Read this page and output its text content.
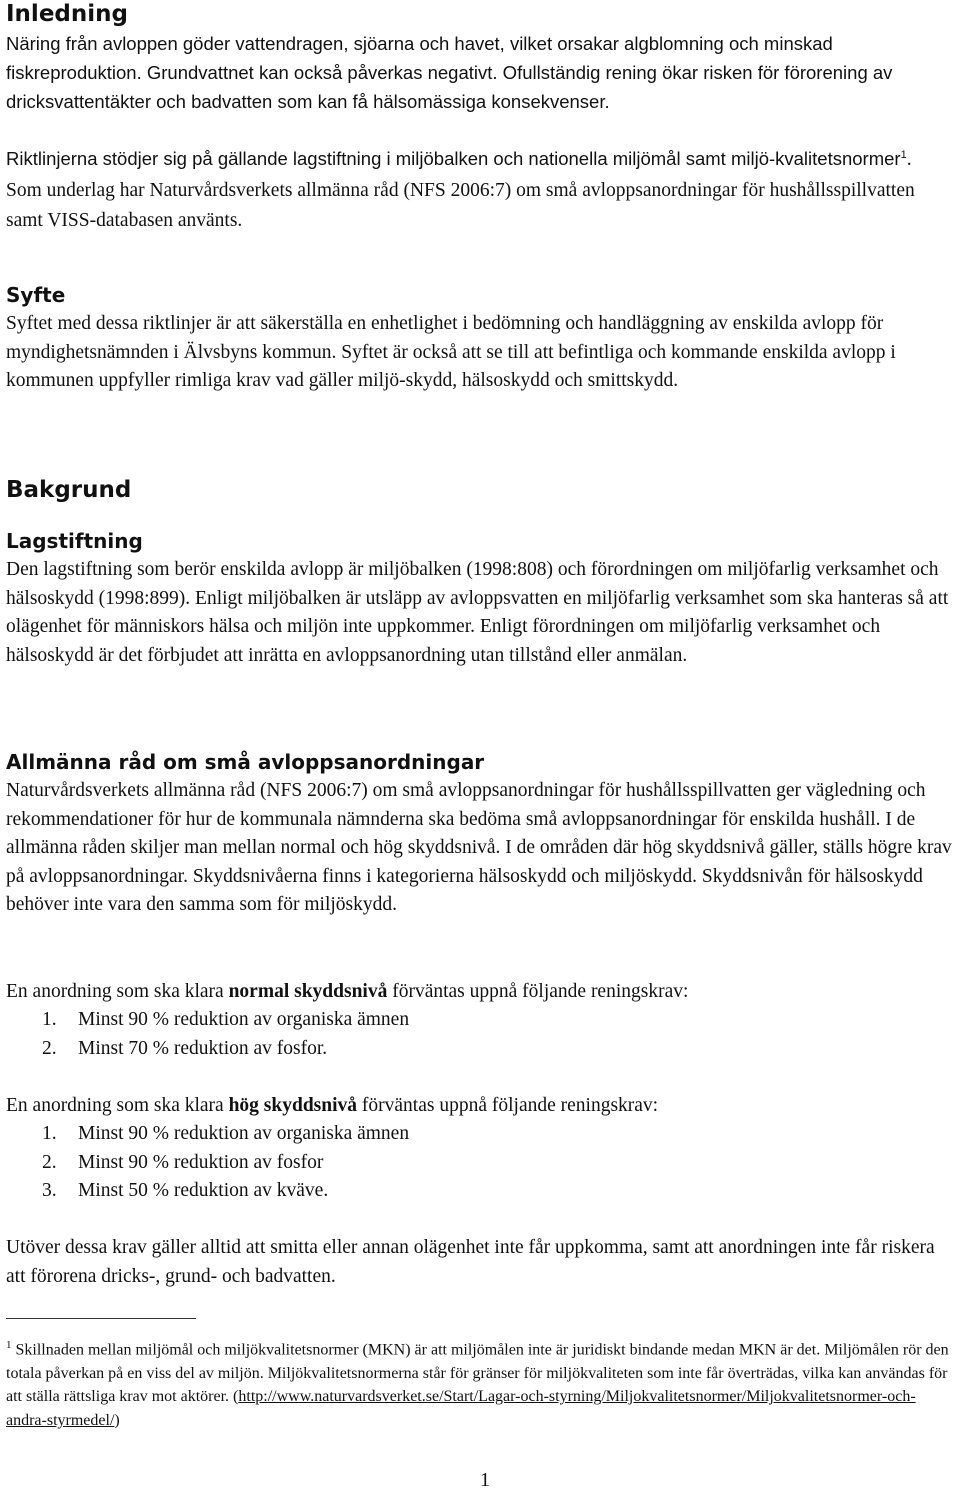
Inledning

Näring från avloppen göder vattendragen, sjöarna och havet, vilket orsakar algblomning och minskad fiskreproduktion. Grundvattnet kan också påverkas negativt. Ofullständig rening ökar risken för förorening av dricksvattentäkter och badvatten som kan få hälsomässiga konsekvenser.

Riktlinjerna stödjer sig på gällande lagstiftning i miljöbalken och nationella miljömål samt miljö-kvalitetsnormer$^1$. Som underlag har Naturvårdsverkets allmänna råd (NFS 2006:7) om små avloppsanordningar för hushållsspillvatten samt VISS-databasen använts.

Syfte

Syftet med dessa riktlinjer är att säkerställa en enhetlighet i bedömning och handläggning av enskilda avlopp för myndighetsnämnden i Älvsbyns kommun. Syftet är också att se till att befintliga och kommande enskilda avlopp i kommunen uppfyller rimliga krav vad gäller miljö-skydd, hälsoskydd och smittskydd.

Bakgrund
Lagstiftning

Den lagstiftning som berör enskilda avlopp är miljöbalken (1998:808) och förordningen om miljöfarlig verksamhet och hälsoskydd (1998:899). Enligt miljöbalken är utsläpp av avloppsvatten en miljöfarlig verksamhet som ska hanteras så att olägenhet för människors hälsa och miljön inte uppkommer. Enligt förordningen om miljöfarlig verksamhet och hälsoskydd är det förbjudet att inrätta en avloppsanordning utan tillstånd eller anmälan.

Allmänna råd om små avloppsanordningar

Naturvårdsverkets allmänna råd (NFS 2006:7) om små avloppsanordningar för hushållsspillvatten ger vägledning och rekommendationer för hur de kommunala nämnderna ska bedöma små avloppsanordningar för enskilda hushåll. I de allmänna råden skiljer man mellan normal och hög skyddsnivå. I de områden där hög skyddsnivå gäller, ställs högre krav på avloppsanordningar. Skyddsnivåerna finns i kategorierna hälsoskydd och miljöskydd. Skyddsnivån för hälsoskydd behöver inte vara den samma som för miljöskydd.

En anordning som ska klara normal skyddsnivå förväntas uppnå följande reningskrav:

1.	Minst 90 % reduktion av organiska ämnen
2.	Minst 70 % reduktion av fosfor.

En anordning som ska klara hög skyddsnivå förväntas uppnå följande reningskrav:

1.	Minst 90 % reduktion av organiska ämnen
2.	Minst 90 % reduktion av fosfor
3.	Minst 50 % reduktion av kväve.

Utöver dessa krav gäller alltid att smitta eller annan olägenhet inte får uppkomma, samt att anordningen inte får riskera att förorena dricks-, grund- och badvatten.

$^1$ Skillnaden mellan miljömål och miljökvalitetsnormer (MKN) är att miljömålen inte är juridiskt bindande medan MKN är det. Miljömålen rör den totala påverkan på en viss del av miljön. Miljökvalitetsnormerna står för gränser för miljökvaliteten som inte får överträdas, vilka kan användas för att ställa rättsliga krav mot aktörer. (http://www.naturvardsverket.se/Start/Lagar-och-styrning/Miljokvalitetsnormer/Miljokvalitetsnormer-och-andra-styrmedel/)
1
